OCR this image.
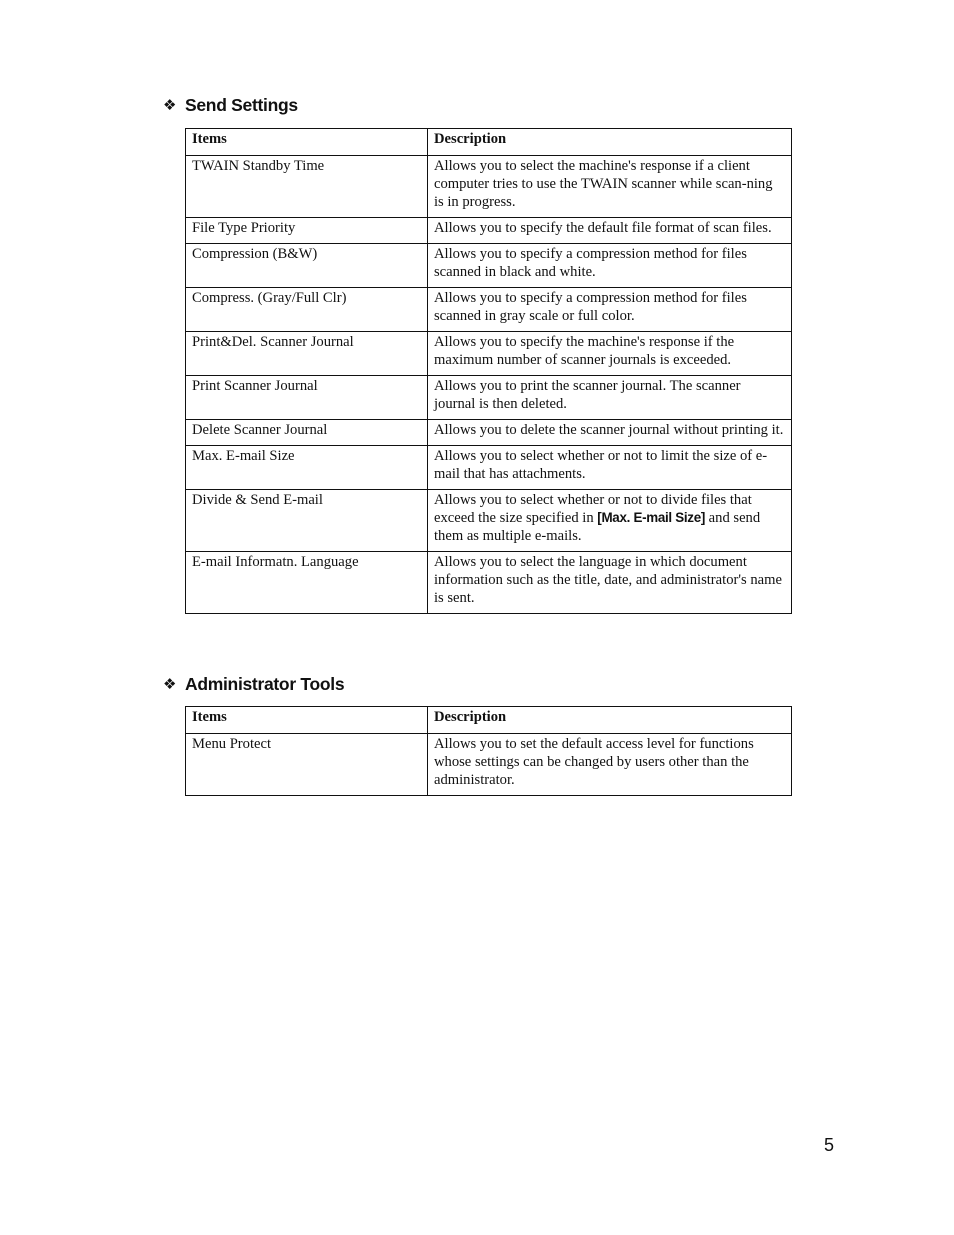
❖ Send Settings
Items	Description
TWAIN Standby Time	Allows you to select the machine's response if a client computer tries to use the TWAIN scanner while scan-ning is in progress.
File Type Priority	Allows you to specify the default file format of scan files.
Compression (B&W)	Allows you to specify a compression method for files scanned in black and white.
Compress. (Gray/Full Clr)	Allows you to specify a compression method for files scanned in gray scale or full color.
Print&Del. Scanner Journal	Allows you to specify the machine's response if the maximum number of scanner journals is exceeded.
Print Scanner Journal	Allows you to print the scanner journal. The scanner journal is then deleted.
Delete Scanner Journal	Allows you to delete the scanner journal without printing it.
Max. E-mail Size	Allows you to select whether or not to limit the size of e-mail that has attachments.
Divide & Send E-mail	Allows you to select whether or not to divide files that exceed the size specified in [Max. E-mail Size] and send them as multiple e-mails.
E-mail Informatn. Language	Allows you to select the language in which document information such as the title, date, and administrator's name is sent.
❖ Administrator Tools
Items	Description
Menu Protect	Allows you to set the default access level for functions whose settings can be changed by users other than the administrator.
5
